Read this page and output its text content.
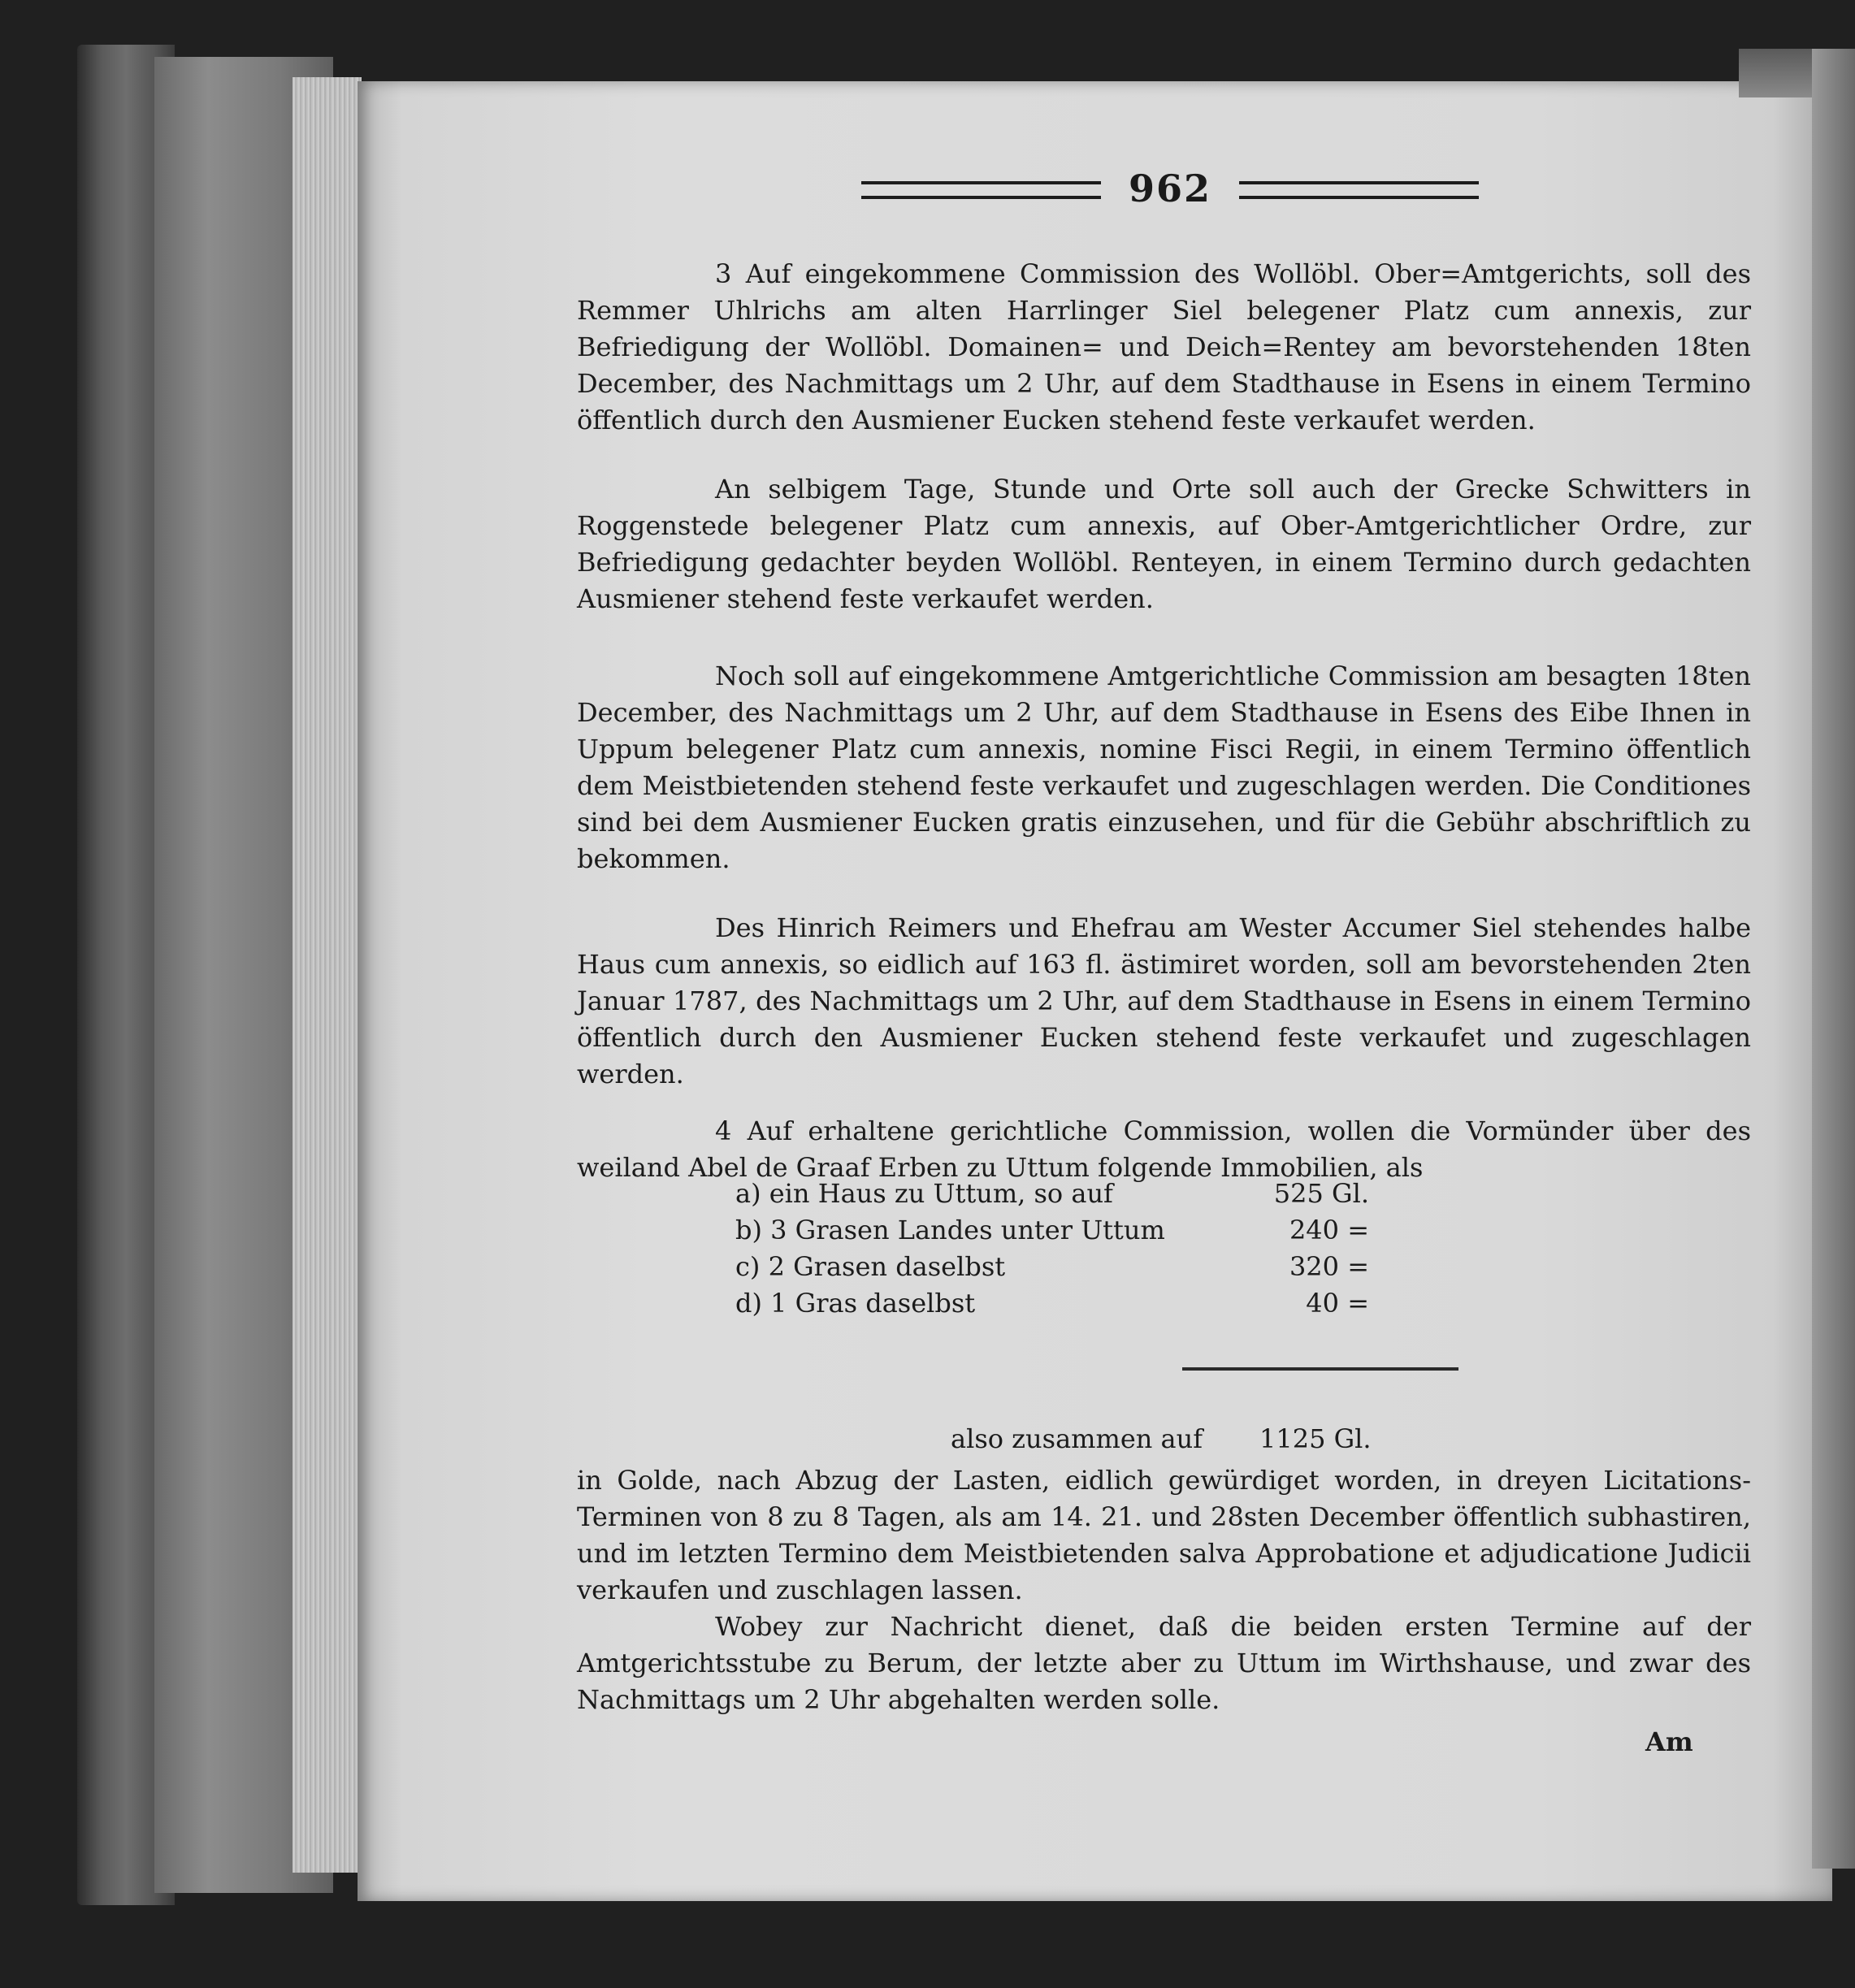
962

3 Auf eingekommene Commission des Wollöbl. Ober=Amtgerichts, soll des Remmer Uhlrichs am alten Harrlinger Siel belegener Platz cum annexis, zur Befriedigung der Wollöbl. Domainen= und Deich=Rentey am bevorstehenden 18ten December, des Nachmittags um 2 Uhr, auf dem Stadthause in Esens in einem Termino öffentlich durch den Ausmiener Eucken stehend feste verkaufet werden.

An selbigem Tage, Stunde und Orte soll auch der Grecke Schwitters in Roggenstede belegener Platz cum annexis, auf Ober-Amtgerichtlicher Ordre, zur Befriedigung gedachter beyden Wollöbl. Renteyen, in einem Termino durch gedachten Ausmiener stehend feste verkaufet werden.

Noch soll auf eingekommene Amtgerichtliche Commission am besagten 18ten December, des Nachmittags um 2 Uhr, auf dem Stadthause in Esens des Eibe Ihnen in Uppum belegener Platz cum annexis, nomine Fisci Regii, in einem Termino öffentlich dem Meistbietenden stehend feste verkaufet und zugeschlagen werden. Die Conditiones sind bei dem Ausmiener Eucken gratis einzusehen, und für die Gebühr abschriftlich zu bekommen.

Des Hinrich Reimers und Ehefrau am Wester Accumer Siel stehendes halbe Haus cum annexis, so eidlich auf 163 fl. ästimiret worden, soll am bevorstehenden 2ten Januar 1787, des Nachmittags um 2 Uhr, auf dem Stadthause in Esens in einem Termino öffentlich durch den Ausmiener Eucken stehend feste verkaufet und zugeschlagen werden.

4 Auf erhaltene gerichtliche Commission, wollen die Vormünder über des weiland Abel de Graaf Erben zu Uttum folgende Immobilien, als

a) ein Haus zu Uttum, so auf	525 Gl.
b) 3 Grasen Landes unter Uttum	240 =
c) 2 Grasen daselbst	320 =
d) 1 Gras daselbst	40 =
also zusammen auf 1125 Gl.

in Golde, nach Abzug der Lasten, eidlich gewürdiget worden, in dreyen Licitations-Terminen von 8 zu 8 Tagen, als am 14. 21. und 28sten December öffentlich subhastiren, und im letzten Termino dem Meistbietenden salva Approbatione et adjudicatione Judicii verkaufen und zuschlagen lassen.

Wobey zur Nachricht dienet, daß die beiden ersten Termine auf der Amtgerichtsstube zu Berum, der letzte aber zu Uttum im Wirthshause, und zwar des Nachmittags um 2 Uhr abgehalten werden solle.

Am
